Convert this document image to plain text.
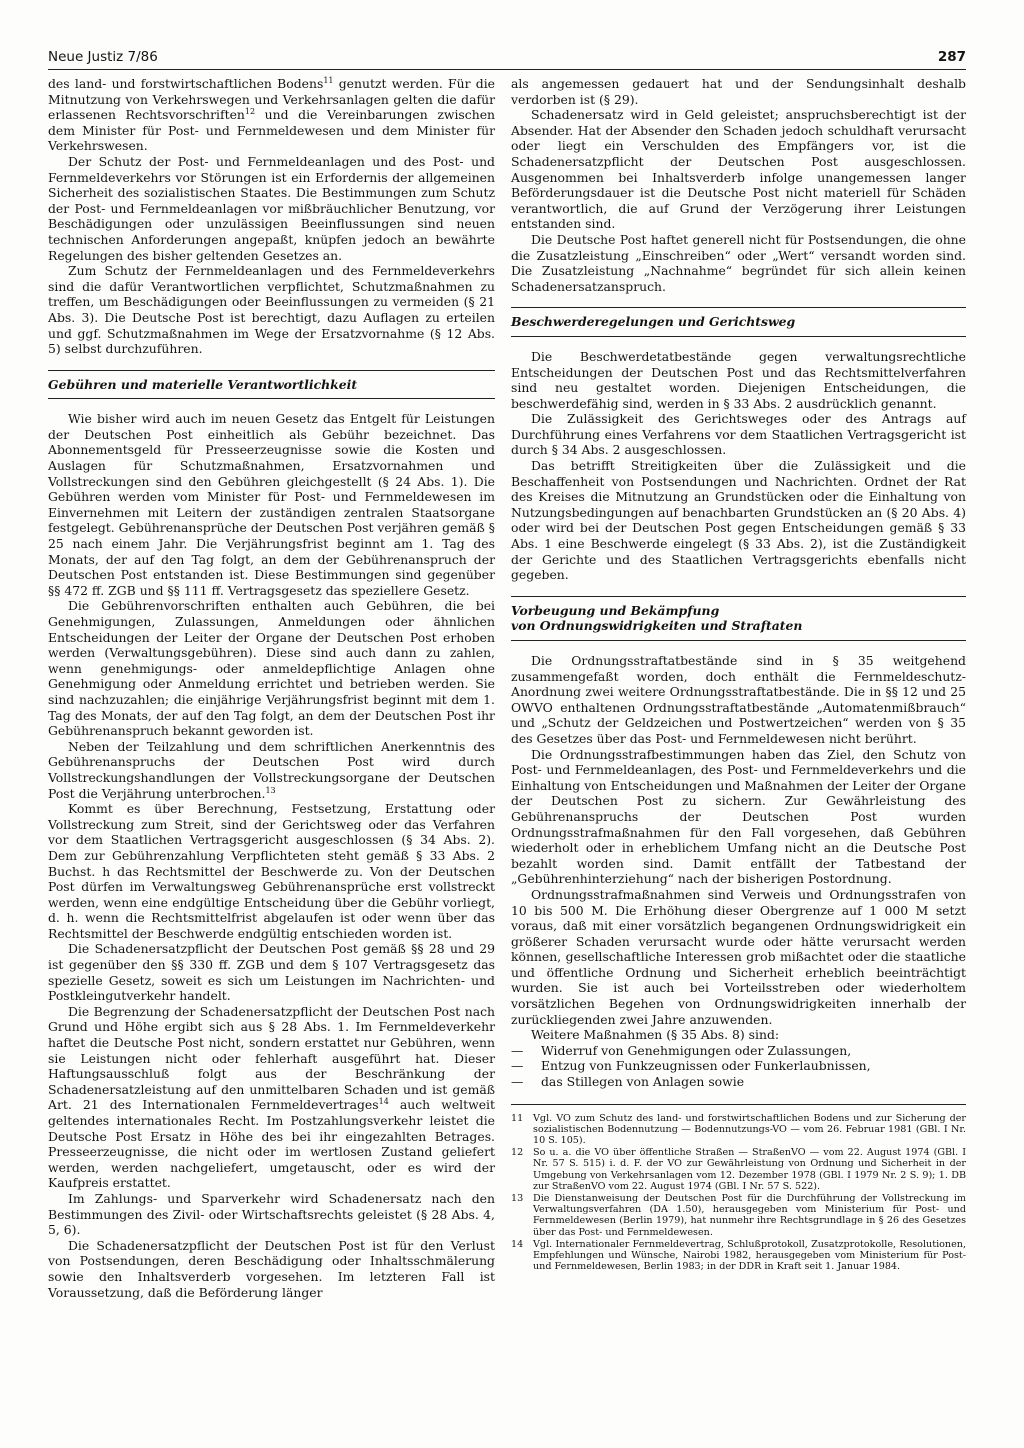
Neue Justiz 7/86	287

des land- und forstwirtschaftlichen Bodens$^{11}$ genutzt werden. Für die Mitnutzung von Verkehrswegen und Verkehrsanlagen gelten die dafür erlassenen Rechtsvorschriften$^{12}$ und die Vereinbarungen zwischen dem Minister für Post- und Fernmeldewesen und dem Minister für Verkehrswesen.

Der Schutz der Post- und Fernmeldeanlagen und des Post- und Fernmeldeverkehrs vor Störungen ist ein Erfordernis der allgemeinen Sicherheit des sozialistischen Staates. Die Bestimmungen zum Schutz der Post- und Fernmeldeanlagen vor mißbräuchlicher Benutzung, vor Beschädigungen oder unzulässigen Beeinflussungen sind neuen technischen Anforderungen angepaßt, knüpfen jedoch an bewährte Regelungen des bisher geltenden Gesetzes an.

Zum Schutz der Fernmeldeanlagen und des Fernmeldeverkehrs sind die dafür Verantwortlichen verpflichtet, Schutzmaßnahmen zu treffen, um Beschädigungen oder Beeinflussungen zu vermeiden (§ 21 Abs. 3). Die Deutsche Post ist berechtigt, dazu Auflagen zu erteilen und ggf. Schutzmaßnahmen im Wege der Ersatzvornahme (§ 12 Abs. 5) selbst durchzuführen.

Gebühren und materielle Verantwortlichkeit

Wie bisher wird auch im neuen Gesetz das Entgelt für Leistungen der Deutschen Post einheitlich als Gebühr bezeichnet. Das Abonnementsgeld für Presseerzeugnisse sowie die Kosten und Auslagen für Schutzmaßnahmen, Ersatzvornahmen und Vollstreckungen sind den Gebühren gleichgestellt (§ 24 Abs. 1). Die Gebühren werden vom Minister für Post- und Fernmeldewesen im Einvernehmen mit Leitern der zuständigen zentralen Staatsorgane festgelegt. Gebührenansprüche der Deutschen Post verjähren gemäß § 25 nach einem Jahr. Die Verjährungsfrist beginnt am 1. Tag des Monats, der auf den Tag folgt, an dem der Gebührenanspruch der Deutschen Post entstanden ist. Diese Bestimmungen sind gegenüber §§ 472 ff. ZGB und §§ 111 ff. Vertragsgesetz das speziellere Gesetz.

Die Gebührenvorschriften enthalten auch Gebühren, die bei Genehmigungen, Zulassungen, Anmeldungen oder ähnlichen Entscheidungen der Leiter der Organe der Deutschen Post erhoben werden (Verwaltungsgebühren). Diese sind auch dann zu zahlen, wenn genehmigungs- oder anmeldepflichtige Anlagen ohne Genehmigung oder Anmeldung errichtet und betrieben werden. Sie sind nachzuzahlen; die einjährige Verjährungsfrist beginnt mit dem 1. Tag des Monats, der auf den Tag folgt, an dem der Deutschen Post ihr Gebührenanspruch bekannt geworden ist.

Neben der Teilzahlung und dem schriftlichen Anerkenntnis des Gebührenanspruchs der Deutschen Post wird durch Vollstreckungshandlungen der Vollstreckungsorgane der Deutschen Post die Verjährung unterbrochen.$^{13}$

Kommt es über Berechnung, Festsetzung, Erstattung oder Vollstreckung zum Streit, sind der Gerichtsweg oder das Verfahren vor dem Staatlichen Vertragsgericht ausgeschlossen (§ 34 Abs. 2). Dem zur Gebührenzahlung Verpflichteten steht gemäß § 33 Abs. 2 Buchst. h das Rechtsmittel der Beschwerde zu. Von der Deutschen Post dürfen im Verwaltungsweg Gebührenansprüche erst vollstreckt werden, wenn eine endgültige Entscheidung über die Gebühr vorliegt, d. h. wenn die Rechtsmittelfrist abgelaufen ist oder wenn über das Rechtsmittel der Beschwerde endgültig entschieden worden ist.

Die Schadenersatzpflicht der Deutschen Post gemäß §§ 28 und 29 ist gegenüber den §§ 330 ff. ZGB und dem § 107 Vertragsgesetz das spezielle Gesetz, soweit es sich um Leistungen im Nachrichten- und Postkleingutverkehr handelt.

Die Begrenzung der Schadenersatzpflicht der Deutschen Post nach Grund und Höhe ergibt sich aus § 28 Abs. 1. Im Fernmeldeverkehr haftet die Deutsche Post nicht, sondern erstattet nur Gebühren, wenn sie Leistungen nicht oder fehlerhaft ausgeführt hat. Dieser Haftungsausschluß folgt aus der Beschränkung der Schadenersatzleistung auf den unmittelbaren Schaden und ist gemäß Art. 21 des Internationalen Fernmeldevertrages$^{14}$ auch weltweit geltendes internationales Recht. Im Postzahlungsverkehr leistet die Deutsche Post Ersatz in Höhe des bei ihr eingezahlten Betrages. Presseerzeugnisse, die nicht oder im wertlosen Zustand geliefert werden, werden nachgeliefert, umgetauscht, oder es wird der Kaufpreis erstattet.

Im Zahlungs- und Sparverkehr wird Schadenersatz nach den Bestimmungen des Zivil- oder Wirtschaftsrechts geleistet (§ 28 Abs. 4, 5, 6).

Die Schadenersatzpflicht der Deutschen Post ist für den Verlust von Postsendungen, deren Beschädigung oder Inhaltsschmälerung sowie den Inhaltsverderb vorgesehen. Im letzteren Fall ist Voraussetzung, daß die Beförderung länger

als angemessen gedauert hat und der Sendungsinhalt deshalb verdorben ist (§ 29).

Schadenersatz wird in Geld geleistet; anspruchsberechtigt ist der Absender. Hat der Absender den Schaden jedoch schuldhaft verursacht oder liegt ein Verschulden des Empfängers vor, ist die Schadenersatzpflicht der Deutschen Post ausgeschlossen. Ausgenommen bei Inhaltsverderb infolge unangemessen langer Beförderungsdauer ist die Deutsche Post nicht materiell für Schäden verantwortlich, die auf Grund der Verzögerung ihrer Leistungen entstanden sind.

Die Deutsche Post haftet generell nicht für Postsendungen, die ohne die Zusatzleistung „Einschreiben“ oder „Wert“ versandt worden sind. Die Zusatzleistung „Nachnahme“ begründet für sich allein keinen Schadenersatzanspruch.

Beschwerderegelungen und Gerichtsweg

Die Beschwerdetatbestände gegen verwaltungsrechtliche Entscheidungen der Deutschen Post und das Rechtsmittelverfahren sind neu gestaltet worden. Diejenigen Entscheidungen, die beschwerdefähig sind, werden in § 33 Abs. 2 ausdrücklich genannt.

Die Zulässigkeit des Gerichtsweges oder des Antrags auf Durchführung eines Verfahrens vor dem Staatlichen Vertragsgericht ist durch § 34 Abs. 2 ausgeschlossen.

Das betrifft Streitigkeiten über die Zulässigkeit und die Beschaffenheit von Postsendungen und Nachrichten. Ordnet der Rat des Kreises die Mitnutzung an Grundstücken oder die Einhaltung von Nutzungsbedingungen auf benachbarten Grundstücken an (§ 20 Abs. 4) oder wird bei der Deutschen Post gegen Entscheidungen gemäß § 33 Abs. 1 eine Beschwerde eingelegt (§ 33 Abs. 2), ist die Zuständigkeit der Gerichte und des Staatlichen Vertragsgerichts ebenfalls nicht gegeben.

Vorbeugung und Bekämpfung
von Ordnungswidrigkeiten und Straftaten

Die Ordnungsstraftatbestände sind in § 35 weitgehend zusammengefaßt worden, doch enthält die Fernmeldeschutz-Anordnung zwei weitere Ordnungsstraftatbestände. Die in §§ 12 und 25 OWVO enthaltenen Ordnungsstraftatbestände „Automatenmißbrauch“ und „Schutz der Geldzeichen und Postwertzeichen“ werden von § 35 des Gesetzes über das Post- und Fernmeldewesen nicht berührt.

Die Ordnungsstrafbestimmungen haben das Ziel, den Schutz von Post- und Fernmeldeanlagen, des Post- und Fernmeldeverkehrs und die Einhaltung von Entscheidungen und Maßnahmen der Leiter der Organe der Deutschen Post zu sichern. Zur Gewährleistung des Gebührenanspruchs der Deutschen Post wurden Ordnungsstrafmaßnahmen für den Fall vorgesehen, daß Gebühren wiederholt oder in erheblichem Umfang nicht an die Deutsche Post bezahlt worden sind. Damit entfällt der Tatbestand der „Gebührenhinterziehung“ nach der bisherigen Postordnung.

Ordnungsstrafmaßnahmen sind Verweis und Ordnungsstrafen von 10 bis 500 M. Die Erhöhung dieser Obergrenze auf 1 000 M setzt voraus, daß mit einer vorsätzlich begangenen Ordnungswidrigkeit ein größerer Schaden verursacht wurde oder hätte verursacht werden können, gesellschaftliche Interessen grob mißachtet oder die staatliche und öffentliche Ordnung und Sicherheit erheblich beeinträchtigt wurden. Sie ist auch bei Vorteilsstreben oder wiederholtem vorsätzlichen Begehen von Ordnungswidrigkeiten innerhalb der zurückliegenden zwei Jahre anzuwenden.

Weitere Maßnahmen (§ 35 Abs. 8) sind:

— Widerruf von Genehmigungen oder Zulassungen,
— Entzug von Funkzeugnissen oder Funkerlaubnissen,
— das Stillegen von Anlagen sowie
11 Vgl. VO zum Schutz des land- und forstwirtschaftlichen Bodens und zur Sicherung der sozialistischen Bodennutzung — Bodennutzungs-VO — vom 26. Februar 1981 (GBl. I Nr. 10 S. 105).
12 So u. a. die VO über öffentliche Straßen — StraßenVO — vom 22. August 1974 (GBl. I Nr. 57 S. 515) i. d. F. der VO zur Gewährleistung von Ordnung und Sicherheit in der Umgebung von Verkehrsanlagen vom 12. Dezember 1978 (GBl. I 1979 Nr. 2 S. 9); 1. DB zur StraßenVO vom 22. August 1974 (GBl. I Nr. 57 S. 522).
13 Die Dienstanweisung der Deutschen Post für die Durchführung der Vollstreckung im Verwaltungsverfahren (DA 1.50), herausgegeben vom Ministerium für Post- und Fernmeldewesen (Berlin 1979), hat nunmehr ihre Rechtsgrundlage in § 26 des Gesetzes über das Post- und Fernmeldewesen.
14 Vgl. Internationaler Fernmeldevertrag, Schlußprotokoll, Zusatzprotokolle, Resolutionen, Empfehlungen und Wünsche, Nairobi 1982, herausgegeben vom Ministerium für Post- und Fernmeldewesen, Berlin 1983; in der DDR in Kraft seit 1. Januar 1984.
